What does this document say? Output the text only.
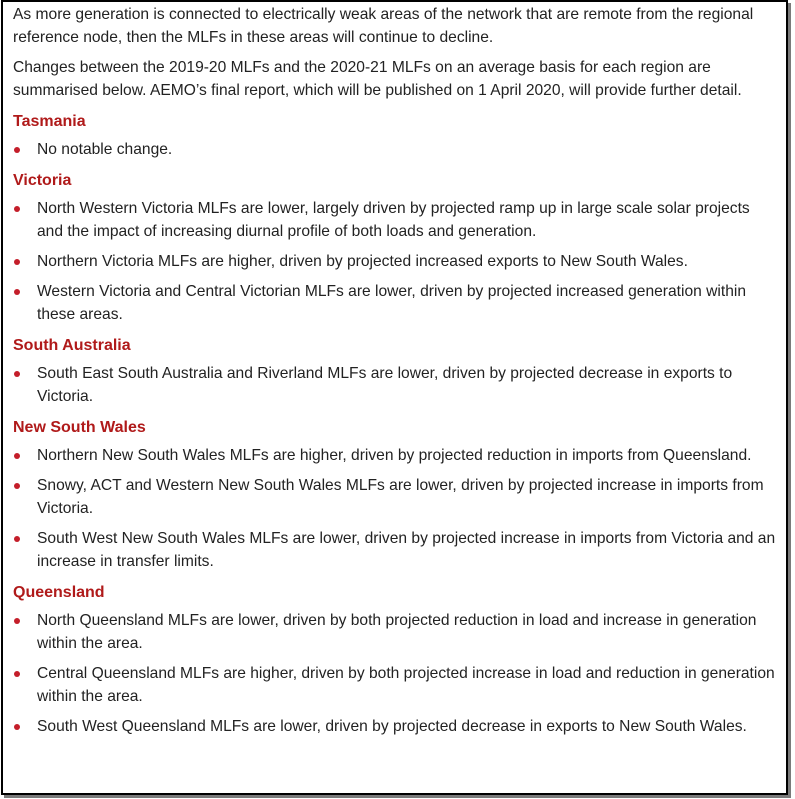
As more generation is connected to electrically weak areas of the network that are remote from the regional reference node, then the MLFs in these areas will continue to decline.

Changes between the 2019-20 MLFs and the 2020-21 MLFs on an average basis for each region are summarised below. AEMO’s final report, which will be published on 1 April 2020, will provide further detail.

Tasmania
No notable change.
Victoria
North Western Victoria MLFs are lower, largely driven by projected ramp up in large scale solar projects and the impact of increasing diurnal profile of both loads and generation.
Northern Victoria MLFs are higher, driven by projected increased exports to New South Wales.
Western Victoria and Central Victorian MLFs are lower, driven by projected increased generation within these areas.
South Australia
South East South Australia and Riverland MLFs are lower, driven by projected decrease in exports to Victoria.
New South Wales
Northern New South Wales MLFs are higher, driven by projected reduction in imports from Queensland.
Snowy, ACT and Western New South Wales MLFs are lower, driven by projected increase in imports from Victoria.
South West New South Wales MLFs are lower, driven by projected increase in imports from Victoria and an increase in transfer limits.
Queensland
North Queensland MLFs are lower, driven by both projected reduction in load and increase in generation within the area.
Central Queensland MLFs are higher, driven by both projected increase in load and reduction in generation within the area.
South West Queensland MLFs are lower, driven by projected decrease in exports to New South Wales.
